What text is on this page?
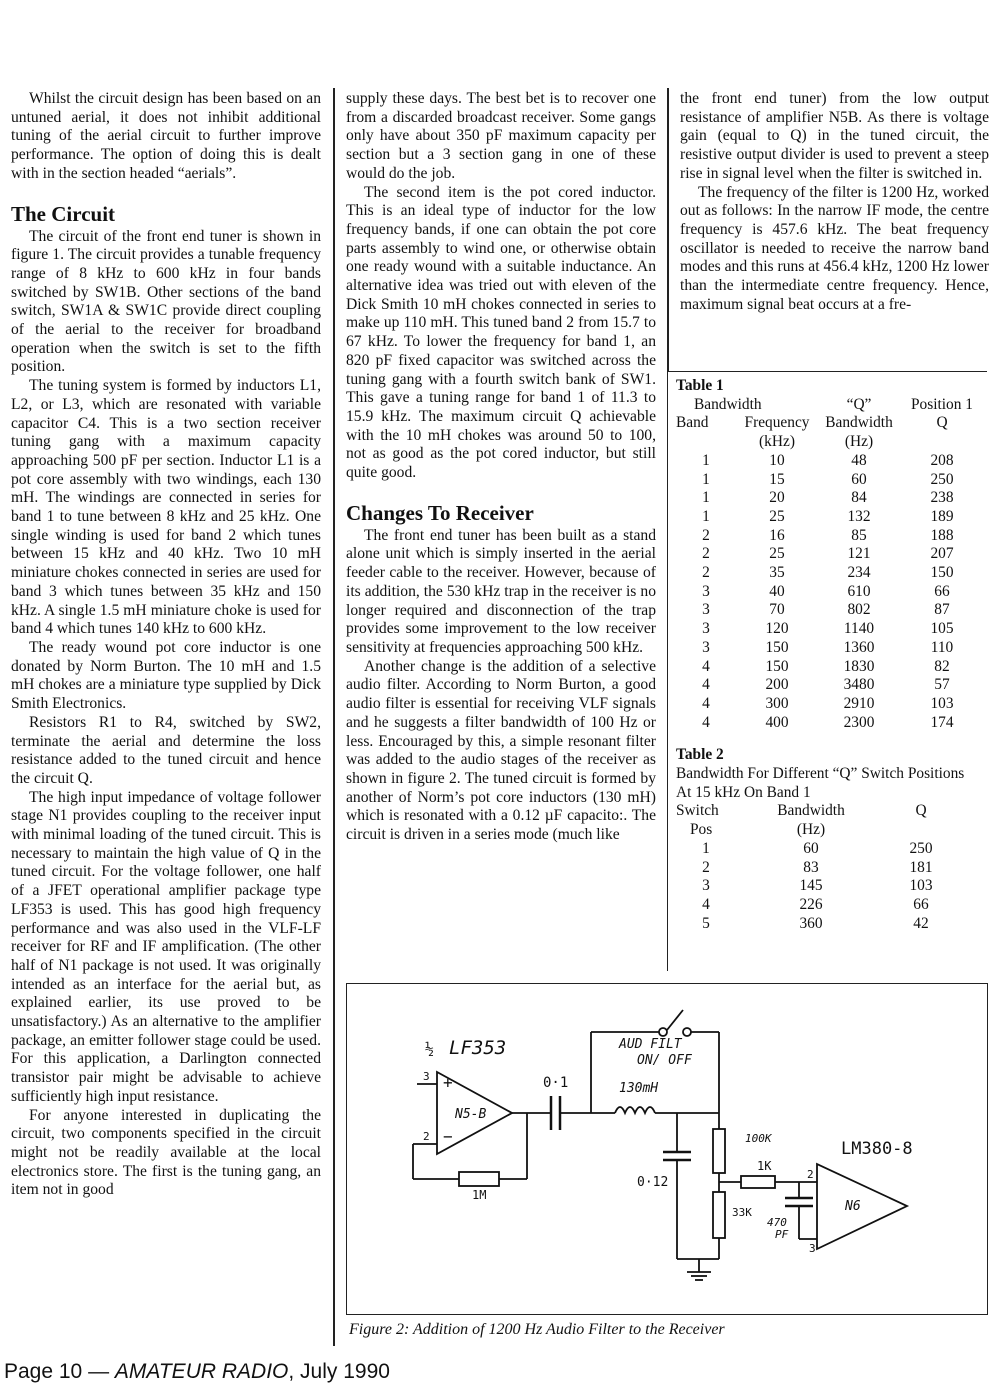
Whilst the circuit design has been based on an untuned aerial, it does not inhibit additional tuning of the aerial circuit to further improve performance. The option of doing this is dealt with in the section headed “aerials”.

The Circuit

The circuit of the front end tuner is shown in figure 1. The circuit provides a tunable frequency range of 8 kHz to 600 kHz in four bands switched by SW1B. Other sections of the band switch, SW1A & SW1C provide direct coupling of the aerial to the receiver for broadband operation when the switch is set to the fifth position.

The tuning system is formed by inductors L1, L2, or L3, which are resonated with variable capacitor C4. This is a two section receiver tuning gang with a maximum capacity approaching 500 pF per section. Inductor L1 is a pot core assembly with two windings, each 130 mH. The windings are connected in series for band 1 to tune between 8 kHz and 25 kHz. One single winding is used for band 2 which tunes between 15 kHz and 40 kHz. Two 10 mH miniature chokes connected in series are used for band 3 which tunes between 35 kHz and 150 kHz. A single 1.5 mH miniature choke is used for band 4 which tunes 140 kHz to 600 kHz.

The ready wound pot core inductor is one donated by Norm Burton. The 10 mH and 1.5 mH chokes are a miniature type supplied by Dick Smith Electronics.

Resistors R1 to R4, switched by SW2, terminate the aerial and determine the loss resistance added to the tuned circuit and hence the circuit Q.

The high input impedance of voltage follower stage N1 provides coupling to the receiver input with minimal loading of the tuned circuit. This is necessary to maintain the high value of Q in the tuned circuit. For the voltage follower, one half of a JFET operational amplifier package type LF353 is used. This has good high frequency performance and was also used in the VLF-LF receiver for RF and IF amplification. (The other half of N1 package is not used. It was originally intended as an interface for the aerial but, as explained earlier, its use proved to be unsatisfactory.) As an alternative to the amplifier package, an emitter follower stage could be used. For this application, a Darlington connected transistor pair might be advisable to achieve sufficiently high input resistance.

For anyone interested in duplicating the circuit, two components specified in the circuit might not be readily available at the local electronics store. The first is the tuning gang, an item not in good

supply these days. The best bet is to recover one from a discarded broadcast receiver. Some gangs only have about 350 pF maximum capacity per section but a 3 section gang in one of these would do the job.

The second item is the pot cored inductor. This is an ideal type of inductor for the low frequency bands, if one can obtain the pot core parts assembly to wind one, or otherwise obtain one ready wound with a suitable inductance. An alternative idea was tried out with eleven of the Dick Smith 10 mH chokes connected in series to make up 110 mH. This tuned band 2 from 15.7 to 67 kHz. To lower the frequency for band 1, an 820 pF fixed capacitor was switched across the tuning gang with a fourth switch bank of SW1. This gave a tuning range for band 1 of 11.3 to 15.9 kHz. The maximum circuit Q achievable with the 10 mH chokes was around 50 to 100, not as good as the pot cored inductor, but still quite good.

Changes To Receiver

The front end tuner has been built as a stand alone unit which is simply inserted in the aerial feeder cable to the receiver. However, because of its addition, the 530 kHz trap in the receiver is no longer required and disconnection of the trap provides some improvement to the low receiver sensitivity at frequencies approaching 500 kHz.

Another change is the addition of a selective audio filter. According to Norm Burton, a good audio filter is essential for receiving VLF signals and he suggests a filter bandwidth of 100 Hz or less. Encouraged by this, a simple resonant filter was added to the audio stages of the receiver as shown in figure 2. The tuned circuit is formed by another of Norm’s pot core inductors (130 mH) which is resonated with a 0.12 µF capacito:. The circuit is driven in a series mode (much like

the front end tuner) from the low output resistance of amplifier N5B. As there is voltage gain (equal to Q) in the tuned circuit, the resistive output divider is used to prevent a steep rise in signal level when the filter is switched in.

The frequency of the filter is 1200 Hz, worked out as follows: In the narrow IF mode, the centre frequency is 457.6 kHz. The beat frequency oscillator is needed to receive the narrow band modes and this runs at 456.4 kHz, 1200 Hz lower than the intermediate centre frequency. Hence, maximum signal beat occurs at a fre-

Table 1
	Bandwidth	“Q”	Position 1
Band	Frequency	Bandwidth	Q
	(kHz)	(Hz)	
1	10	48	208
1	15	60	250
1	20	84	238
1	25	132	189
2	16	85	188
2	25	121	207
2	35	234	150
3	40	610	66
3	70	802	87
3	120	1140	105
3	150	1360	110
4	150	1830	82
4	200	3480	57
4	300	2910	103
4	400	2300	174
Table 2
Bandwidth For Different “Q” Switch Positions
At 15 kHz On Band 1
Switch	Bandwidth	Q
Pos	(Hz)	
1	60	250
2	83	181
3	145	103
4	226	66
5	360	42
½ LF353
+
−
N5-B
3
2
1M
0·1
AUD FILT
ON/ OFF
130mH
0·12
100K
1K
33K
470
PF
LM380-8
N6
2
3
Figure 2: Addition of 1200 Hz Audio Filter to the Receiver
Page 10 — AMATEUR RADIO, July 1990
